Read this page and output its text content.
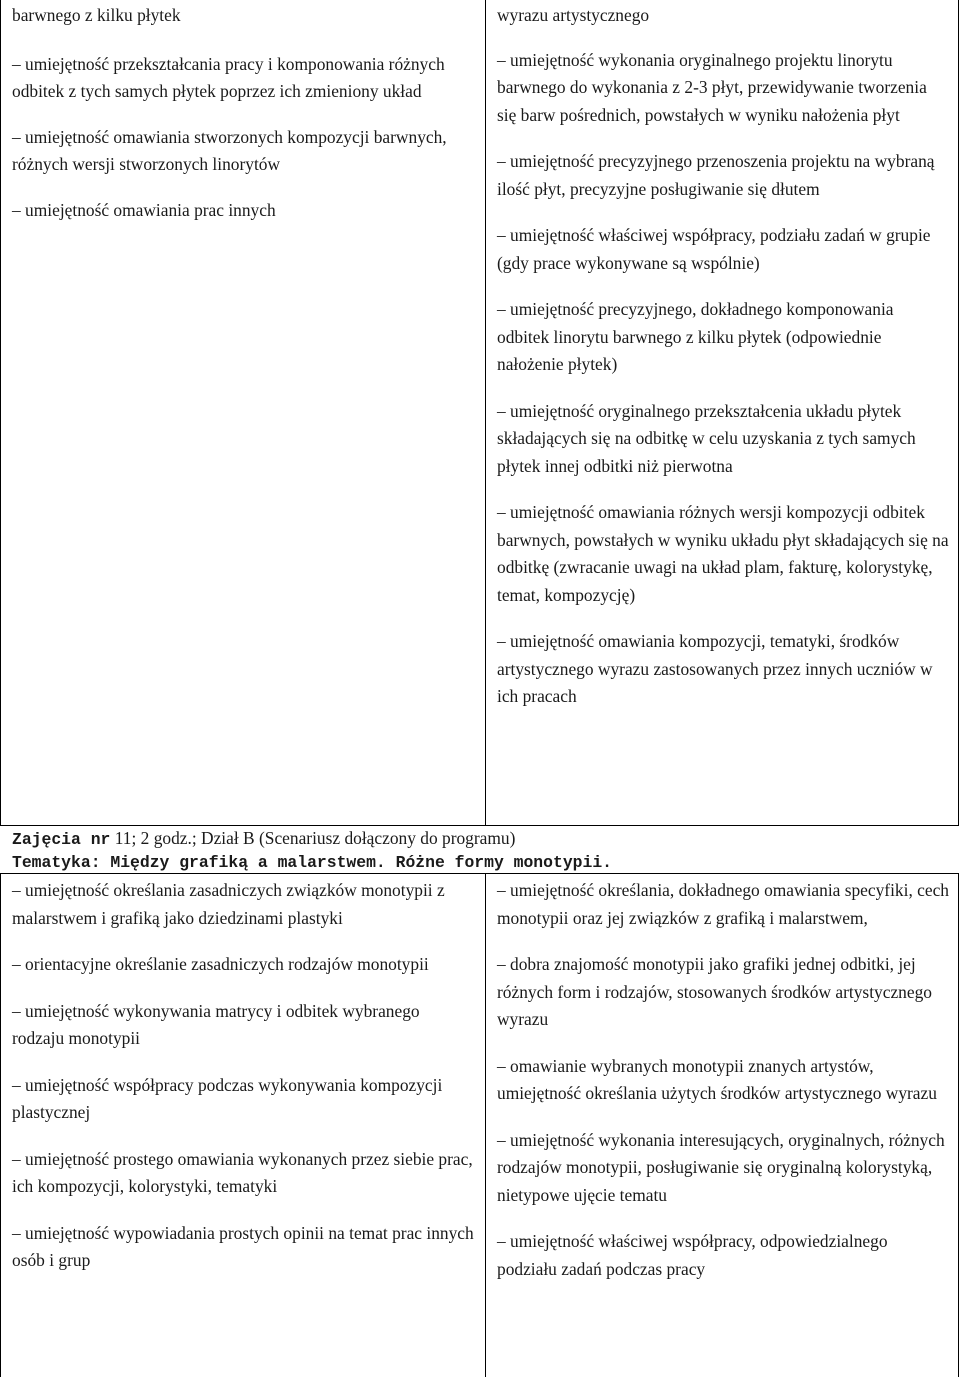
barwnego z kilku płytek

– umiejętność przekształcania pracy i komponowania różnych odbitek z tych samych płytek poprzez ich zmieniony układ

– umiejętność omawiania stworzonych kompozycji barwnych, różnych wersji stworzonych linorytów

– umiejętność omawiania prac innych

wyrazu artystycznego

– umiejętność wykonania oryginalnego projektu linorytu barwnego do wykonania z 2-3 płyt, przewidywanie tworzenia się barw pośrednich, powstałych w wyniku nałożenia płyt

– umiejętność precyzyjnego przenoszenia projektu na wybraną ilość płyt, precyzyjne posługiwanie się dłutem

– umiejętność właściwej współpracy, podziału zadań w grupie (gdy prace wykonywane są wspólnie)

– umiejętność precyzyjnego, dokładnego komponowania odbitek linorytu barwnego z kilku płytek (odpowiednie nałożenie płytek)

– umiejętność oryginalnego przekształcenia układu płytek składających się na odbitkę w celu uzyskania z tych samych płytek innej odbitki niż pierwotna

– umiejętność omawiania różnych wersji kompozycji odbitek barwnych, powstałych w wyniku układu płyt składających się na odbitkę (zwracanie uwagi na układ plam, fakturę, kolorystykę, temat, kompozycję)

– umiejętność omawiania kompozycji, tematyki, środków artystycznego wyrazu zastosowanych przez innych uczniów w ich pracach

Zajęcia nr 11; 2 godz.; Dział B (Scenariusz dołączony do programu)
Tematyka: Między grafiką a malarstwem. Różne formy monotypii.

– umiejętność określania zasadniczych związków monotypii z malarstwem i grafiką jako dziedzinami plastyki

– orientacyjne określanie zasadniczych rodzajów monotypii

– umiejętność wykonywania matrycy i odbitek wybranego rodzaju monotypii

– umiejętność współpracy podczas wykonywania kompozycji plastycznej

– umiejętność prostego omawiania wykonanych przez siebie prac, ich kompozycji, kolorystyki, tematyki

– umiejętność wypowiadania prostych opinii na temat prac innych osób i grup

– umiejętność określania, dokładnego omawiania specyfiki, cech monotypii oraz jej związków z grafiką i malarstwem,

– dobra znajomość monotypii jako grafiki jednej odbitki, jej różnych form i rodzajów, stosowanych środków artystycznego wyrazu

– omawianie wybranych monotypii znanych artystów, umiejętność określania użytych środków artystycznego wyrazu

– umiejętność wykonania interesujących, oryginalnych, różnych rodzajów monotypii, posługiwanie się oryginalną kolorystyką, nietypowe ujęcie tematu

– umiejętność właściwej współpracy, odpowiedzialnego podziału zadań podczas pracy
